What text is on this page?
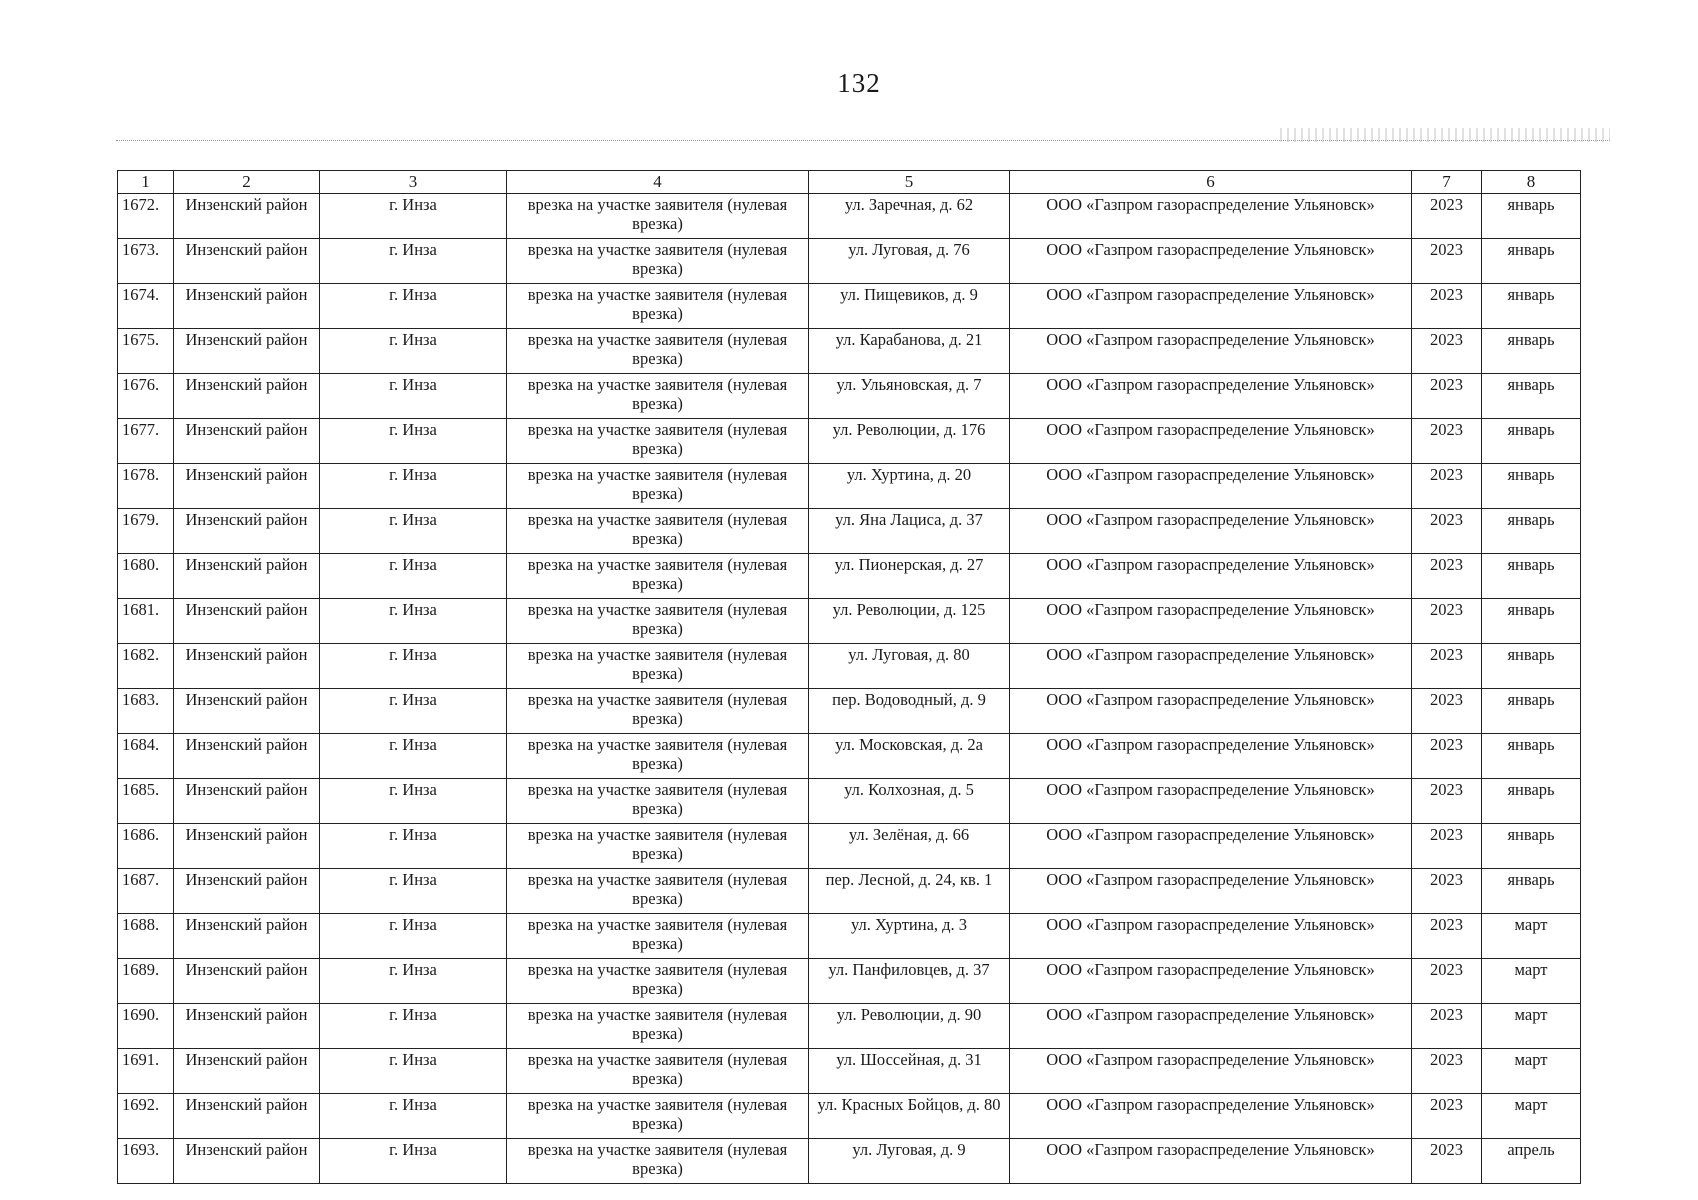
132
1	2	3	4	5	6	7	8
1672.	Инзенский район	г. Инза	врезка на участке заявителя (нулевая врезка)	ул. Заречная, д. 62	ООО «Газпром газораспределение Ульяновск»	2023	январь
1673.	Инзенский район	г. Инза	врезка на участке заявителя (нулевая врезка)	ул. Луговая, д. 76	ООО «Газпром газораспределение Ульяновск»	2023	январь
1674.	Инзенский район	г. Инза	врезка на участке заявителя (нулевая врезка)	ул. Пищевиков, д. 9	ООО «Газпром газораспределение Ульяновск»	2023	январь
1675.	Инзенский район	г. Инза	врезка на участке заявителя (нулевая врезка)	ул. Карабанова, д. 21	ООО «Газпром газораспределение Ульяновск»	2023	январь
1676.	Инзенский район	г. Инза	врезка на участке заявителя (нулевая врезка)	ул. Ульяновская, д. 7	ООО «Газпром газораспределение Ульяновск»	2023	январь
1677.	Инзенский район	г. Инза	врезка на участке заявителя (нулевая врезка)	ул. Революции, д. 176	ООО «Газпром газораспределение Ульяновск»	2023	январь
1678.	Инзенский район	г. Инза	врезка на участке заявителя (нулевая врезка)	ул. Хуртина, д. 20	ООО «Газпром газораспределение Ульяновск»	2023	январь
1679.	Инзенский район	г. Инза	врезка на участке заявителя (нулевая врезка)	ул. Яна Лациса, д. 37	ООО «Газпром газораспределение Ульяновск»	2023	январь
1680.	Инзенский район	г. Инза	врезка на участке заявителя (нулевая врезка)	ул. Пионерская, д. 27	ООО «Газпром газораспределение Ульяновск»	2023	январь
1681.	Инзенский район	г. Инза	врезка на участке заявителя (нулевая врезка)	ул. Революции, д. 125	ООО «Газпром газораспределение Ульяновск»	2023	январь
1682.	Инзенский район	г. Инза	врезка на участке заявителя (нулевая врезка)	ул. Луговая, д. 80	ООО «Газпром газораспределение Ульяновск»	2023	январь
1683.	Инзенский район	г. Инза	врезка на участке заявителя (нулевая врезка)	пер. Водоводный, д. 9	ООО «Газпром газораспределение Ульяновск»	2023	январь
1684.	Инзенский район	г. Инза	врезка на участке заявителя (нулевая врезка)	ул. Московская, д. 2а	ООО «Газпром газораспределение Ульяновск»	2023	январь
1685.	Инзенский район	г. Инза	врезка на участке заявителя (нулевая врезка)	ул. Колхозная, д. 5	ООО «Газпром газораспределение Ульяновск»	2023	январь
1686.	Инзенский район	г. Инза	врезка на участке заявителя (нулевая врезка)	ул. Зелёная, д. 66	ООО «Газпром газораспределение Ульяновск»	2023	январь
1687.	Инзенский район	г. Инза	врезка на участке заявителя (нулевая врезка)	пер. Лесной, д. 24, кв. 1	ООО «Газпром газораспределение Ульяновск»	2023	январь
1688.	Инзенский район	г. Инза	врезка на участке заявителя (нулевая врезка)	ул. Хуртина, д. 3	ООО «Газпром газораспределение Ульяновск»	2023	март
1689.	Инзенский район	г. Инза	врезка на участке заявителя (нулевая врезка)	ул. Панфиловцев, д. 37	ООО «Газпром газораспределение Ульяновск»	2023	март
1690.	Инзенский район	г. Инза	врезка на участке заявителя (нулевая врезка)	ул. Революции, д. 90	ООО «Газпром газораспределение Ульяновск»	2023	март
1691.	Инзенский район	г. Инза	врезка на участке заявителя (нулевая врезка)	ул. Шоссейная, д. 31	ООО «Газпром газораспределение Ульяновск»	2023	март
1692.	Инзенский район	г. Инза	врезка на участке заявителя (нулевая врезка)	ул. Красных Бойцов, д. 80	ООО «Газпром газораспределение Ульяновск»	2023	март
1693.	Инзенский район	г. Инза	врезка на участке заявителя (нулевая врезка)	ул. Луговая, д. 9	ООО «Газпром газораспределение Ульяновск»	2023	апрель
